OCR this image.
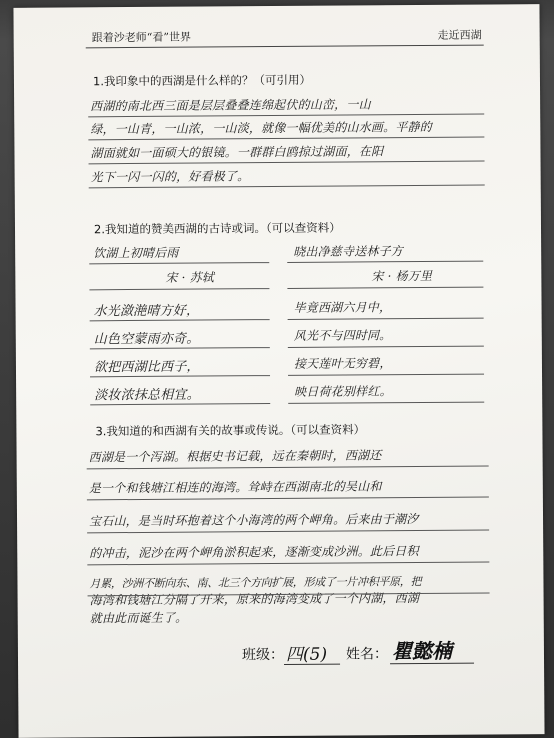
跟着沙老师“看”世界	走近西湖
1.我印象中的西湖是什么样的？（可引用）
西湖的南北西三面是层层叠叠连绵起伏的山峦，一山
绿，一山青，一山浓，一山淡，就像一幅优美的山水画。平静的
湖面就如一面硕大的银镜。一群群白鸥掠过湖面，在阳
光下一闪一闪的，好看极了。
2.我知道的赞美西湖的古诗或词。（可以查资料）
饮湖上初晴后雨
宋 · 苏轼
水光潋滟晴方好，
山色空蒙雨亦奇。
欲把西湖比西子，
淡妆浓抹总相宜。
晓出净慈寺送林子方
宋 · 杨万里
毕竟西湖六月中，
风光不与四时同。
接天莲叶无穷碧，
映日荷花别样红。
3.我知道的和西湖有关的故事或传说。（可以查资料）
西湖是一个泻湖。根据史书记载，远在秦朝时，西湖还
是一个和钱塘江相连的海湾。耸峙在西湖南北的吴山和
宝石山，是当时环抱着这个小海湾的两个岬角。后来由于潮汐
的冲击，泥沙在两个岬角淤积起来，逐渐变成沙洲。此后日积
月累，沙洲不断向东、南、北三个方向扩展，形成了一片冲积平原，把
海湾和钱塘江分隔了开来，原来的海湾变成了一个内湖，西湖
就由此而诞生了。
班级： 四(5) 姓名： 瞿懿楠
